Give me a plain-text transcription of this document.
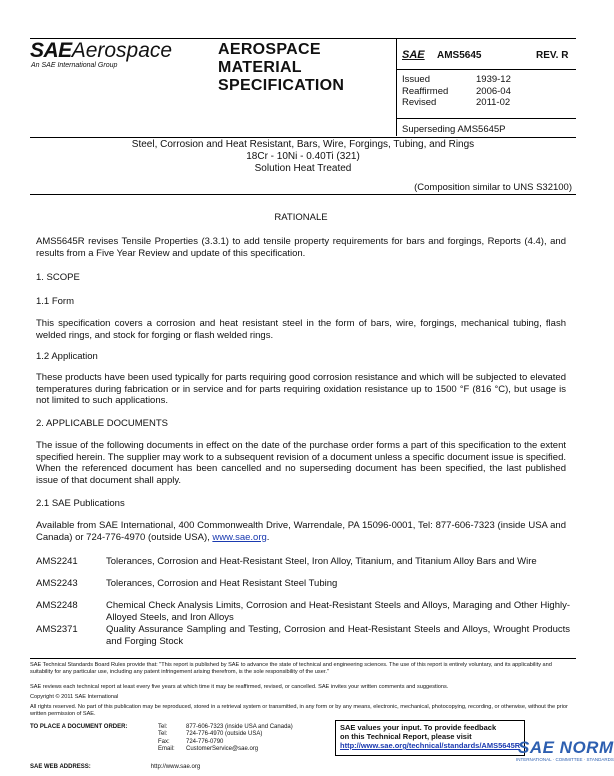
SAEAerospace
An SAE International Group
AEROSPACE
MATERIAL
SPECIFICATION
SAE AMS5645	REV. R
Issued	1939-12
Reaffirmed	2006-04
Revised	2011-02
Superseding AMS5645P
Steel, Corrosion and Heat Resistant, Bars, Wire, Forgings, Tubing, and Rings
18Cr - 10Ni - 0.40Ti (321)
Solution Heat Treated
(Composition similar to UNS S32100)
RATIONALE
AMS5645R revises Tensile Properties (3.3.1) to add tensile property requirements for bars and forgings, Reports (4.4), and results from a Five Year Review and update of this specification.
1. SCOPE
1.1 Form
This specification covers a corrosion and heat resistant steel in the form of bars, wire, forgings, mechanical tubing, flash welded rings, and stock for forging or flash welded rings.
1.2 Application
These products have been used typically for parts requiring good corrosion resistance and which will be subjected to elevated temperatures during fabrication or in service and for parts requiring oxidation resistance up to 1500 °F (816 °C), but usage is not limited to such applications.
2. APPLICABLE DOCUMENTS
The issue of the following documents in effect on the date of the purchase order forms a part of this specification to the extent specified herein. The supplier may work to a subsequent revision of a document unless a specific document issue is specified. When the referenced document has been cancelled and no superseding document has been specified, the last published issue of that document shall apply.
2.1 SAE Publications
Available from SAE International, 400 Commonwealth Drive, Warrendale, PA 15096-0001, Tel: 877-606-7323 (inside USA and Canada) or 724-776-4970 (outside USA), www.sae.org.
AMS2241	Tolerances, Corrosion and Heat-Resistant Steel, Iron Alloy, Titanium, and Titanium Alloy Bars and Wire
AMS2243	Tolerances, Corrosion and Heat Resistant Steel Tubing
AMS2248	Chemical Check Analysis Limits, Corrosion and Heat-Resistant Steels and Alloys, Maraging and Other Highly-Alloyed Steels, and Iron Alloys
AMS2371	Quality Assurance Sampling and Testing, Corrosion and Heat-Resistant Steels and Alloys, Wrought Products and Forging Stock
SAE Technical Standards Board Rules provide that: "This report is published by SAE to advance the state of technical and engineering sciences. The use of this report is entirely voluntary, and its applicability and suitability for any particular use, including any patent infringement arising therefrom, is the sole responsibility of the user."
SAE reviews each technical report at least every five years at which time it may be reaffirmed, revised, or cancelled. SAE invites your written comments and suggestions.
Copyright © 2011 SAE International
All rights reserved. No part of this publication may be reproduced, stored in a retrieval system or transmitted, in any form or by any means, electronic, mechanical, photocopying, recording, or otherwise, without the prior written permission of SAE.
TO PLACE A DOCUMENT ORDER:	Tel:	877-606-7323 (inside USA and Canada)
Tel:	724-776-4970 (outside USA)
Fax:	724-776-0790
Email:	CustomerService@sae.org
SAE WEB ADDRESS:	http://www.sae.org
SAE values your input. To provide feedback
on this Technical Report, please visit
http://www.sae.org/technical/standards/AMS5645R
SAE NORM
INTERNATIONAL · COMMITTEE · STANDARDS
